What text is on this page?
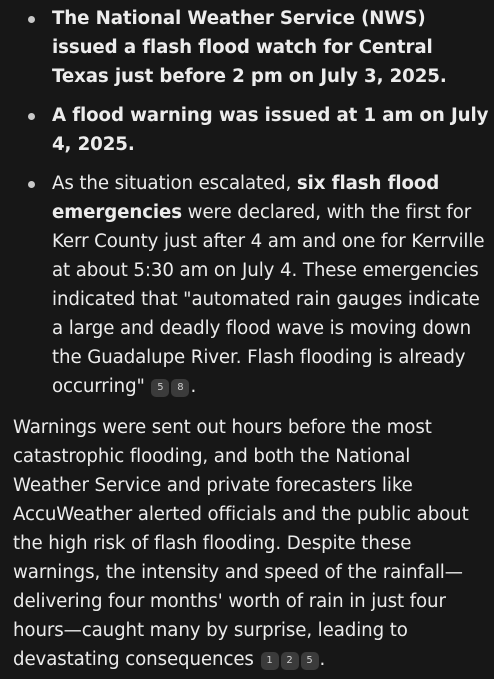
The National Weather Service (NWS) issued a flash flood watch for Central Texas just before 2 pm on July 3, 2025.
A flood warning was issued at 1 am on July 4, 2025.
As the situation escalated, six flash flood emergencies were declared, with the first for Kerr County just after 4 am and one for Kerrville at about 5:30 am on July 4. These emergencies indicated that "automated rain gauges indicate a large and deadly flood wave is moving down the Guadalupe River. Flash flooding is already occurring" 5 8 .

Warnings were sent out hours before the most catastrophic flooding, and both the National Weather Service and private forecasters like AccuWeather alerted officials and the public about the high risk of flash flooding. Despite these warnings, the intensity and speed of the rainfall—delivering four months' worth of rain in just four hours—caught many by surprise, leading to devastating consequences 1 2 5 .
